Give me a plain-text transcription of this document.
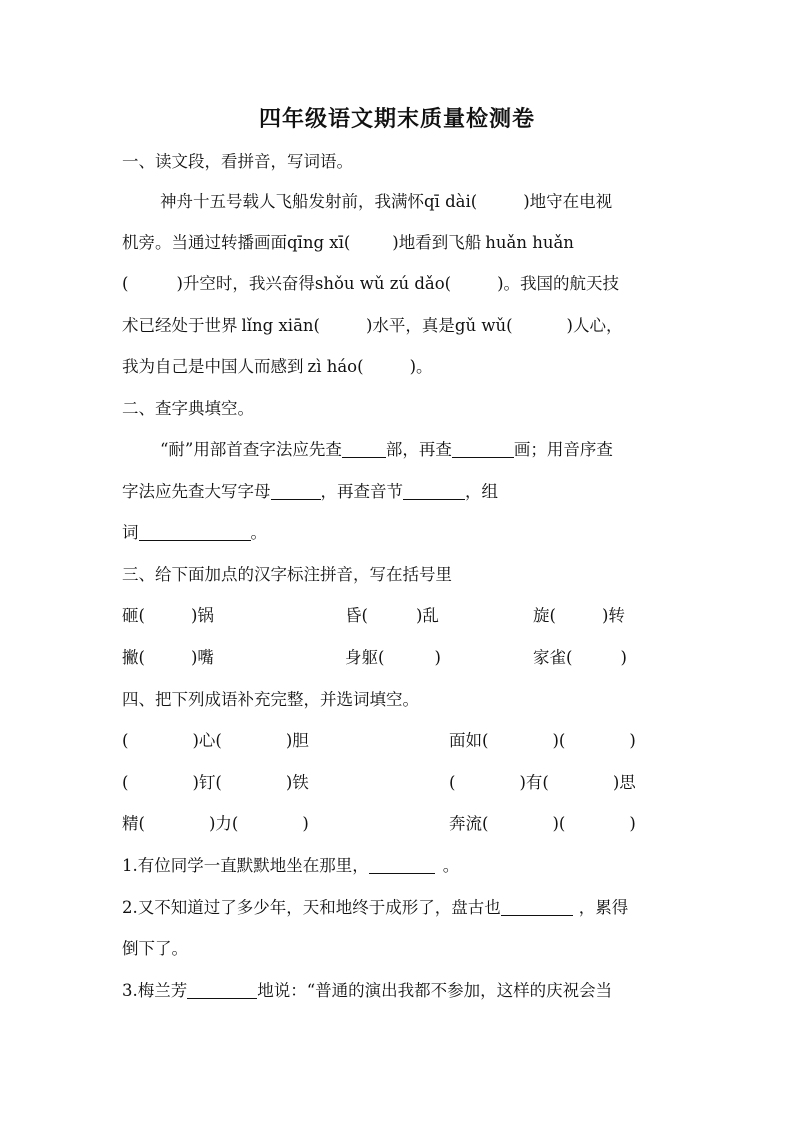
四年级语文期末质量检测卷
一、读文段，看拼音，写词语。
神舟十五号载人飞船发射前，我满怀qī dài(	)地守在电视
机旁。当通过转播画面qīng xī(	)地看到飞船 huǎn huǎn
(	)升空时，我兴奋得shǒu wǔ zú dǎo(	)。我国的航天技
术已经处于世界 lǐng xiān(	)水平，真是gǔ wǔ(	)人心，
我为自己是中国人而感到 zì háo(	)。
二、查字典填空。
“耐”用部首查字法应先查	部，再查	画；用音序查
字法应先查大写字母	，再查音节	，组
词	。
三、给下面加点的汉字标注拼音，写在括号里
砸(	)锅	昏(	)乱	旋(	)转
撇(	)嘴	身躯(	)	家雀(	)
四、把下列成语补充完整，并选词填空。
(	)心(	)胆	面如(	)(	)
(	)钉(	)铁	(	)有(	)思
精(	)力(	)	奔流(	)(	)
1.有位同学一直默默地坐在那里，	。
2.又不知道过了多少年，天和地终于成形了，盘古也	，累得
倒下了。
3.梅兰芳	地说：“普通的演出我都不参加，这样的庆祝会当
